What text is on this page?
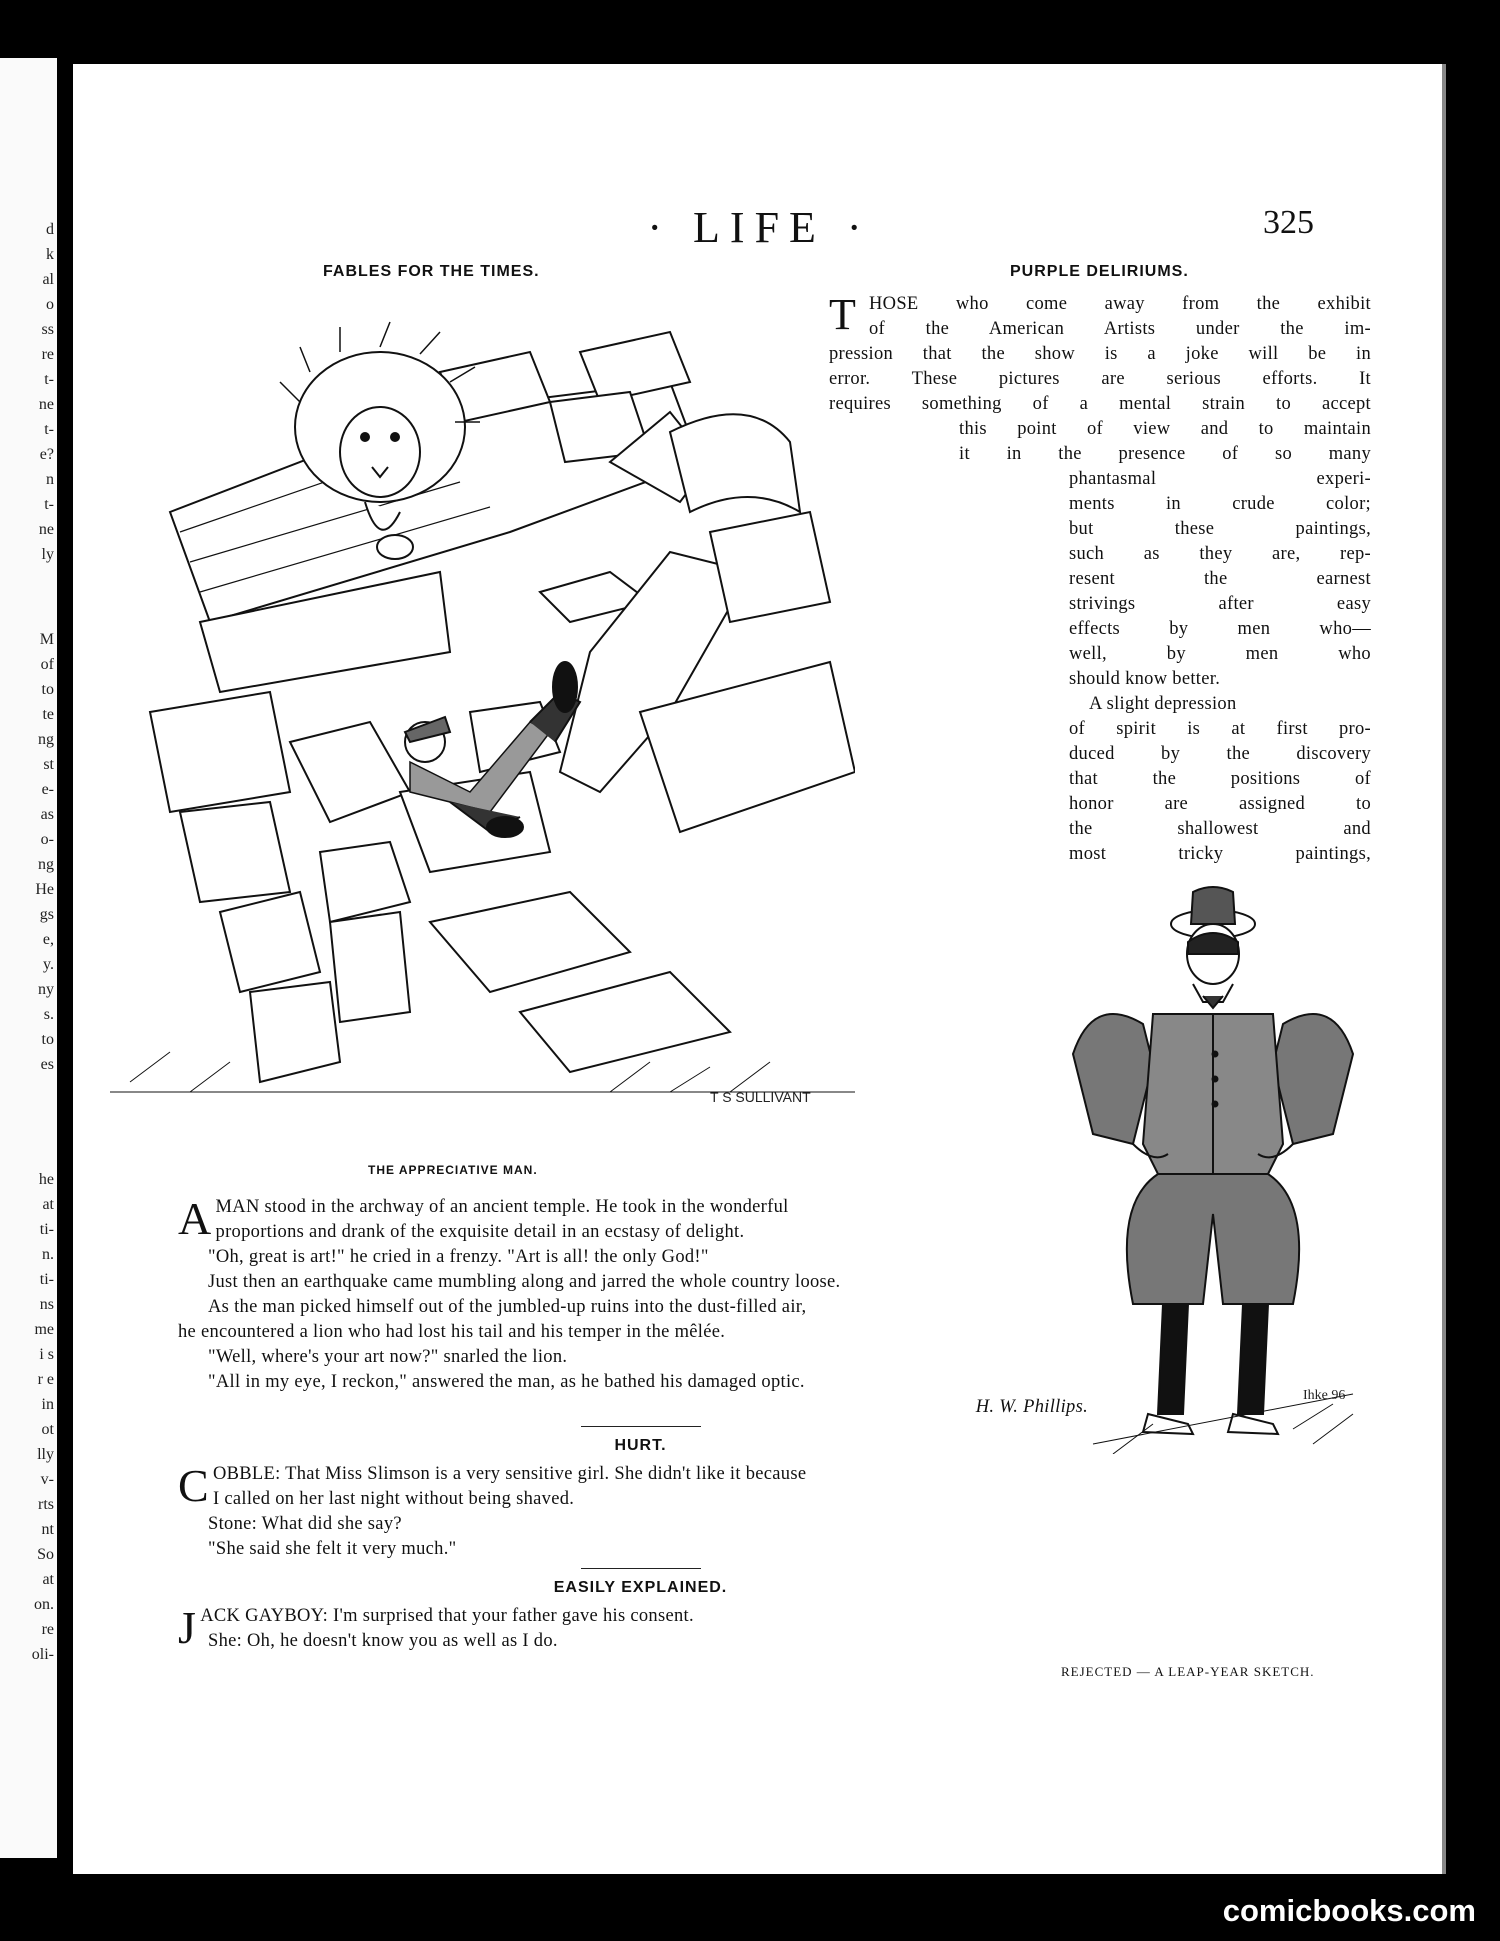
d
k
al
o
ss
re
t-
ne
t-
e?
n
t-
ne
ly
M
of
to
te
ng
st
e-
as
o-
ng
He
gs
e,
y.
ny
s.
to
es
he
at
ti-
n.
ti-
ns
me
i s
r e
in
ot
lly
v-
rts
nt
So
at
on.
re
oli-
· LIFE ·	325
FABLES FOR THE TIMES.	PURPLE DELIRIUMS.
T S SULLIVANT
THE APPRECIATIVE MAN.
A MAN stood in the archway of an ancient temple. He took in the wonderful

proportions and drank of the exquisite detail in an ecstasy of delight.

"Oh, great is art!" he cried in a frenzy. "Art is all! the only God!"

Just then an earthquake came mumbling along and jarred the whole country loose.

As the man picked himself out of the jumbled-up ruins into the dust-filled air,

he encountered a lion who had lost his tail and his temper in the mêlée.

"Well, where's your art now?" snarled the lion.

"All in my eye, I reckon," answered the man, as he bathed his damaged optic.

H. W. Phillips.

HURT.
C OBBLE: That Miss Slimson is a very sensitive girl. She didn't like it because

I called on her last night without being shaved.

Stone: What did she say?

"She said she felt it very much."

EASILY EXPLAINED.
J ACK GAYBOY: I'm surprised that your father gave his consent.

She: Oh, he doesn't know you as well as I do.

T HOSE who come away from the exhibit
of the American Artists under the im-
pression that the show is a joke will be in
error. These pictures are serious efforts. It
requires something of a mental strain to accept
this point of view and to maintain
it in the presence of so many
phantasmal experi-
ments in crude color;
but these paintings,
such as they are, rep-
resent the earnest
strivings after easy
effects by men who—
well, by men who
should know better.
A slight depression
of spirit is at first pro-
duced by the discovery
that the positions of
honor are assigned to
the shallowest and
most tricky paintings,
Ihke 96
REJECTED — A LEAP-YEAR SKETCH.
comicbooks.com
